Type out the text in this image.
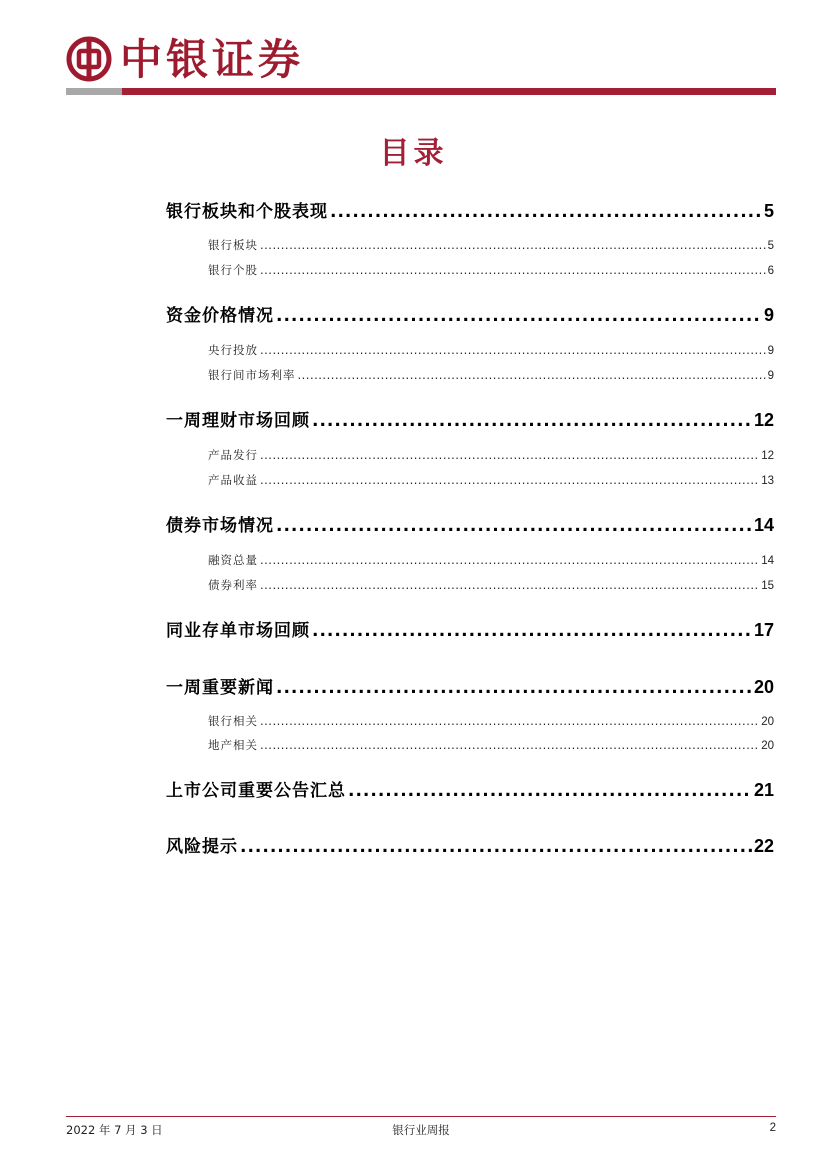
中银证券
目录
银行板块和个股表现 .....	5
银行板块 .....	5
银行个股 .....	6
资金价格情况 .....	9
央行投放 .....	9
银行间市场利率 .....	9
一周理财市场回顾 .....	12
产品发行 .....	12
产品收益 .....	13
债券市场情况 .....	14
融资总量 .....	14
债券利率 .....	15
同业存单市场回顾 .....	17
一周重要新闻 .....	20
银行相关 .....	20
地产相关 .....	20
上市公司重要公告汇总 .....	21
风险提示 .....	22
2022 年 7 月 3 日	银行业周报	2
